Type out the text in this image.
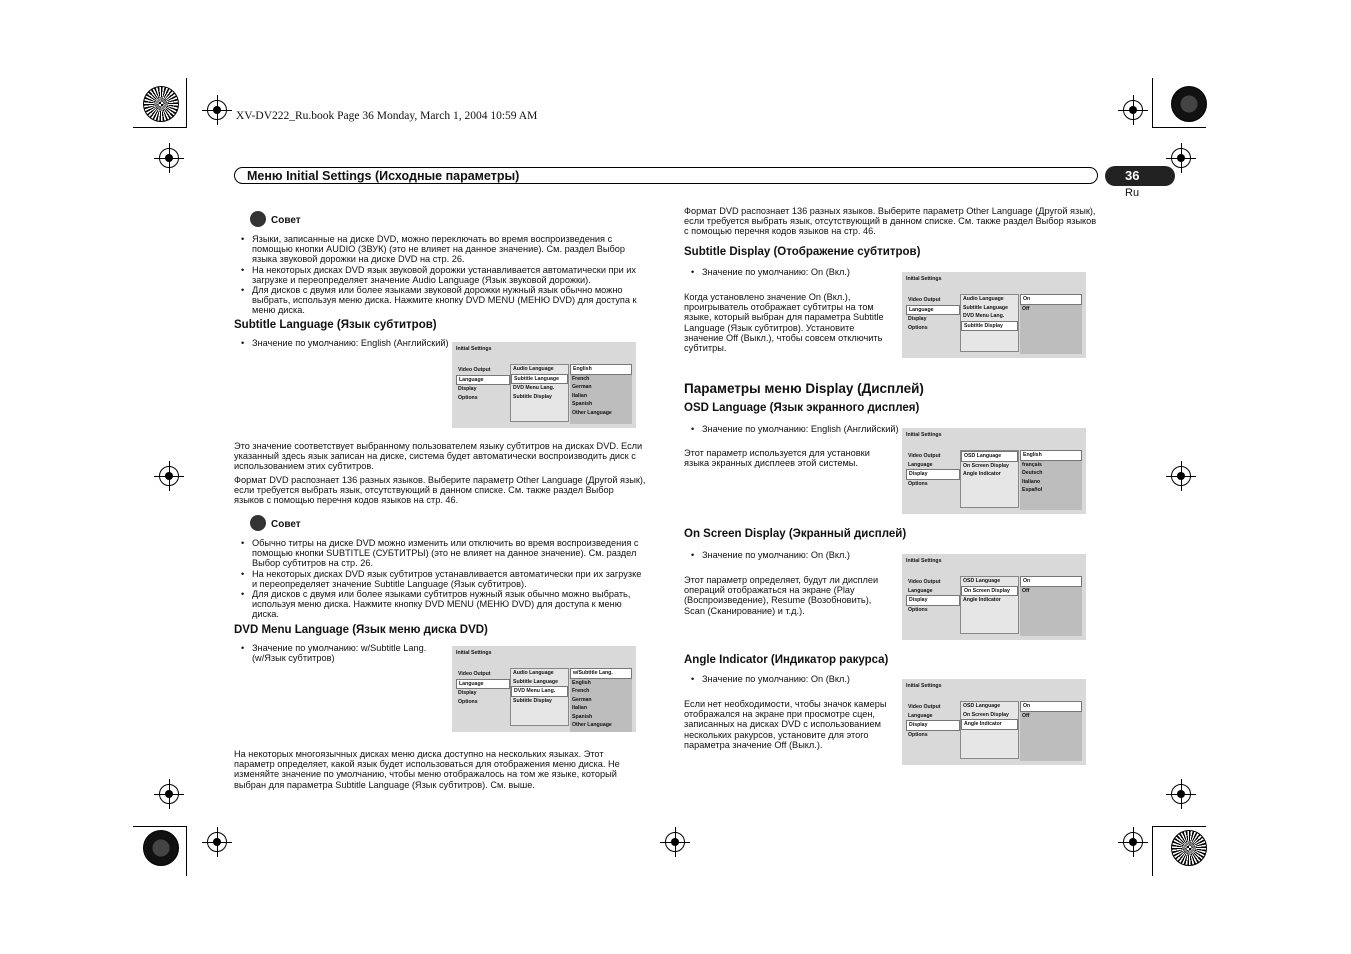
XV-DV222_Ru.book Page 36 Monday, March 1, 2004 10:59 AM
Меню Initial Settings (Исходные параметры)	36
Ru
Совет
• Языки, записанные на диске DVD, можно переключать во время воспроизведения с помощью кнопки AUDIO (ЗВУК) (это не влияет на данное значение). См. раздел Выбор языка звуковой дорожки на диске DVD на стр. 26.
• На некоторых дисках DVD язык звуковой дорожки устанавливается автоматически при их загрузке и переопределяет значение Audio Language (Язык звуковой дорожки).
• Для дисков с двумя или более языками звуковой дорожки нужный язык обычно можно выбрать, используя меню диска. Нажмите кнопку DVD MENU (МЕНЮ DVD) для доступа к меню диска.
Subtitle Language (Язык субтитров)
• Значение по умолчанию: English (Английский)
Initial Settings
Video Output
Language
Display
Options
Audio Language
Subtitle Language
DVD Menu Lang.
Subtitle Display
English
French
German
Italian
Spanish
Other Language
Это значение соответствует выбранному пользователем языку субтитров на дисках DVD. Если указанный здесь язык записан на диске, система будет автоматически воспроизводить диск с использованием этих субтитров.
Формат DVD распознает 136 разных языков. Выберите параметр Other Language (Другой язык), если требуется выбрать язык, отсутствующий в данном списке. См. также раздел Выбор языков с помощью перечня кодов языков на стр. 46.
Совет
• Обычно титры на диске DVD можно изменить или отключить во время воспроизведения с помощью кнопки SUBTITLE (СУБТИТРЫ) (это не влияет на данное значение). См. раздел Выбор субтитров на стр. 26.
• На некоторых дисках DVD язык субтитров устанавливается автоматически при их загрузке и переопределяет значение Subtitle Language (Язык субтитров).
• Для дисков с двумя или более языками субтитров нужный язык обычно можно выбрать, используя меню диска. Нажмите кнопку DVD MENU (МЕНЮ DVD) для доступа к меню диска.
DVD Menu Language (Язык меню диска DVD)
• Значение по умолчанию: w/Subtitle Lang.
(w/Язык субтитров)
Initial Settings
Video Output
Language
Display
Options
Audio Language
Subtitle Language
DVD Menu Lang.
Subtitle Display
w/Subtitle Lang.
English
French
German
Italian
Spanish
Other Language
На некоторых многоязычных дисках меню диска доступно на нескольких языках. Этот параметр определяет, какой язык будет использоваться для отображения меню диска. Не изменяйте значение по умолчанию, чтобы меню отображалось на том же языке, который выбран для параметра Subtitle Language (Язык субтитров). См. выше.
Формат DVD распознает 136 разных языков. Выберите параметр Other Language (Другой язык), если требуется выбрать язык, отсутствующий в данном списке. См. также раздел Выбор языков с помощью перечня кодов языков на стр. 46.
Subtitle Display (Отображение субтитров)
• Значение по умолчанию: On (Вкл.)
Когда установлено значение On (Вкл.), проигрыватель отображает субтитры на том языке, который выбран для параметра Subtitle Language (Язык субтитров). Установите значение Off (Выкл.), чтобы совсем отключить субтитры.
Initial Settings
Video Output
Language
Display
Options
Audio Language
Subtitle Language
DVD Menu Lang.
Subtitle Display
On
Off
Параметры меню Display (Дисплей)
OSD Language (Язык экранного дисплея)
• Значение по умолчанию: English (Английский)
Этот параметр используется для установки языка экранных дисплеев этой системы.
Initial Settings
Video Output
Language
Display
Options
OSD Language
On Screen Display
Angle Indicator
English
français
Deutsch
Italiano
Español
On Screen Display (Экранный дисплей)
• Значение по умолчанию: On (Вкл.)
Этот параметр определяет, будут ли дисплеи операций отображаться на экране (Play (Воспроизведение), Resume (Возобновить), Scan (Сканирование) и т.д.).
Initial Settings
Video Output
Language
Display
Options
OSD Language
On Screen Display
Angle Indicator
On
Off
Angle Indicator (Индикатор ракурса)
• Значение по умолчанию: On (Вкл.)
Если нет необходимости, чтобы значок камеры отображался на экране при просмотре сцен, записанных на дисках DVD с использованием нескольких ракурсов, установите для этого параметра значение Off (Выкл.).
Initial Settings
Video Output
Language
Display
Options
OSD Language
On Screen Display
Angle Indicator
On
Off
